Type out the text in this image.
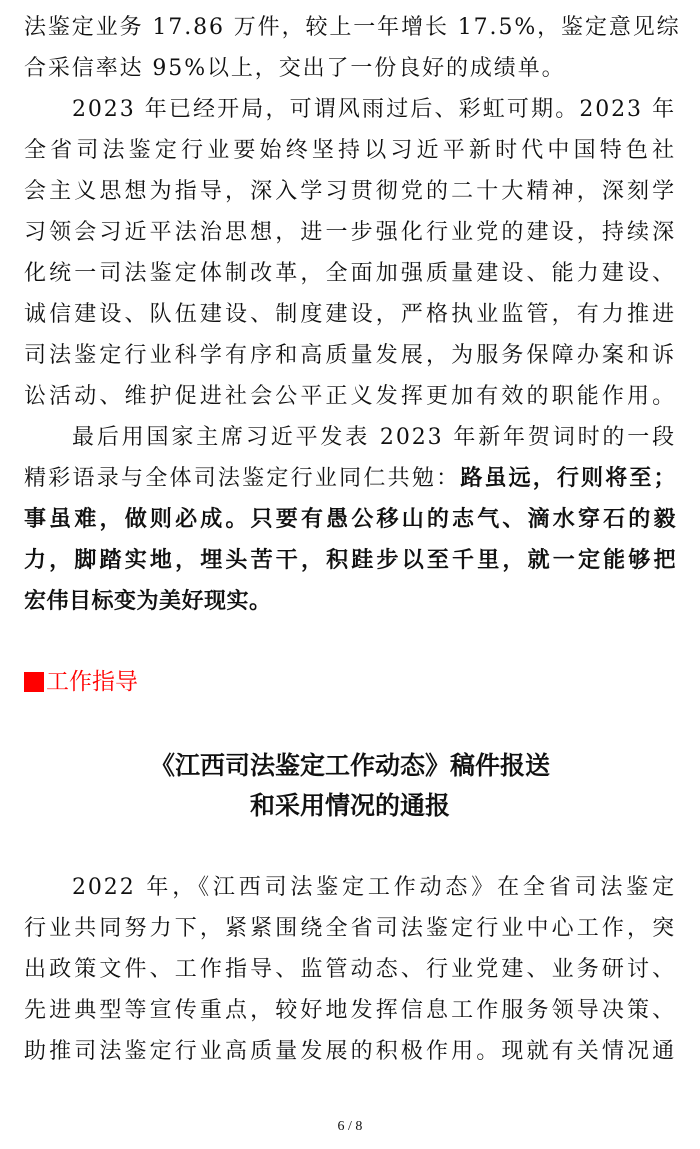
法鉴定业务 17.86 万件，较上一年增长 17.5%，鉴定意见综
合采信率达 95%以上，交出了一份良好的成绩单。
2023 年已经开局，可谓风雨过后、彩虹可期。2023 年
全省司法鉴定行业要始终坚持以习近平新时代中国特色社
会主义思想为指导，深入学习贯彻党的二十大精神，深刻学
习领会习近平法治思想，进一步强化行业党的建设，持续深
化统一司法鉴定体制改革，全面加强质量建设、能力建设、
诚信建设、队伍建设、制度建设，严格执业监管，有力推进
司法鉴定行业科学有序和高质量发展，为服务保障办案和诉
讼活动、维护促进社会公平正义发挥更加有效的职能作用。
最后用国家主席习近平发表 2023 年新年贺词时的一段
精彩语录与全体司法鉴定行业同仁共勉：路虽远，行则将至；
事虽难，做则必成。只要有愚公移山的志气、滴水穿石的毅
力，脚踏实地，埋头苦干，积跬步以至千里，就一定能够把
宏伟目标变为美好现实。
工作指导
《江西司法鉴定工作动态》稿件报送
和采用情况的通报
2022 年，《江西司法鉴定工作动态》在全省司法鉴定
行业共同努力下，紧紧围绕全省司法鉴定行业中心工作，突
出政策文件、工作指导、监管动态、行业党建、业务研讨、
先进典型等宣传重点，较好地发挥信息工作服务领导决策、
助推司法鉴定行业高质量发展的积极作用。现就有关情况通
6 / 8
